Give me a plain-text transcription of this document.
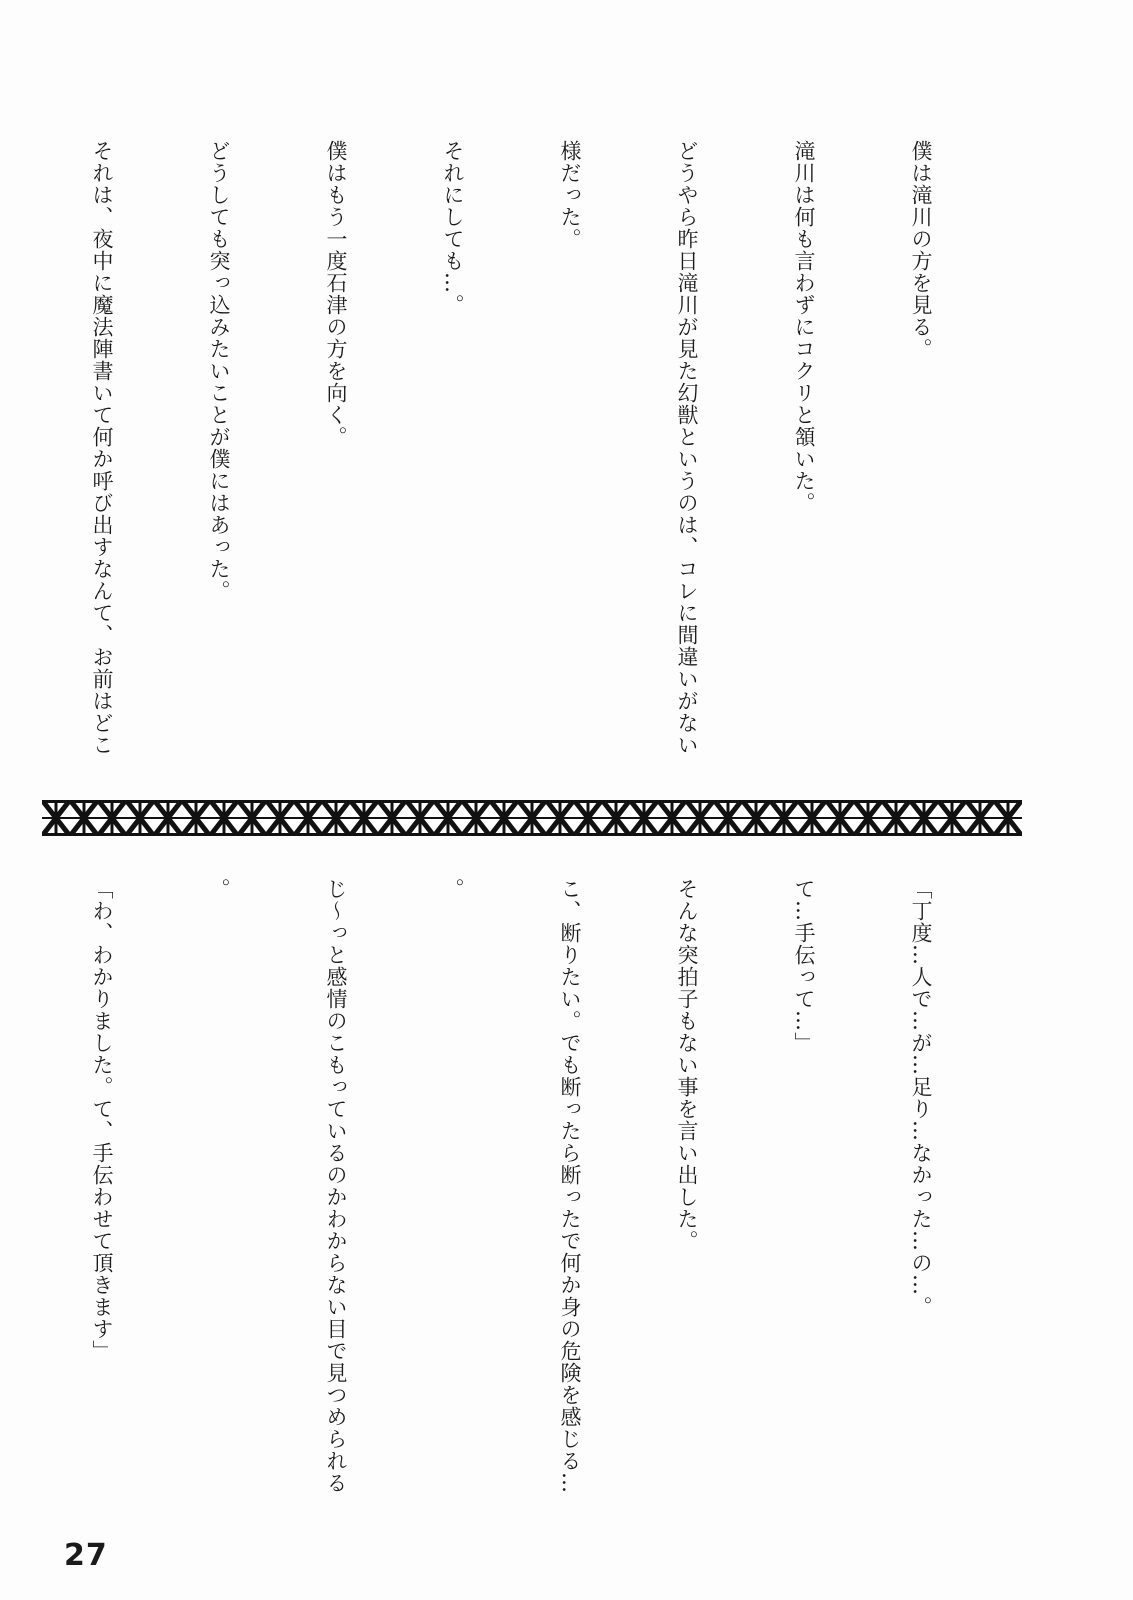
僕は滝川の方を見る。

滝川は何も言わずにコクリと頷いた。

どうやら昨日滝川が見た幻獣というのは、コレに間違いがない

様だった。

それにしても…。

僕はもう一度石津の方を向く。

どうしても突っ込みたいことが僕にはあった。

それは、夜中に魔法陣書いて何か呼び出すなんて、お前はどこ

「丁度…人で…が…足り…なかった…の…。

て…手伝って…」

そんな突拍子もない事を言い出した。

こ、断りたい。でも断ったら断ったで何か身の危険を感じる…

。

じ〜っと感情のこもっているのかわからない目で見つめられる

。

「わ、わかりました。て、手伝わせて頂きます」

27
